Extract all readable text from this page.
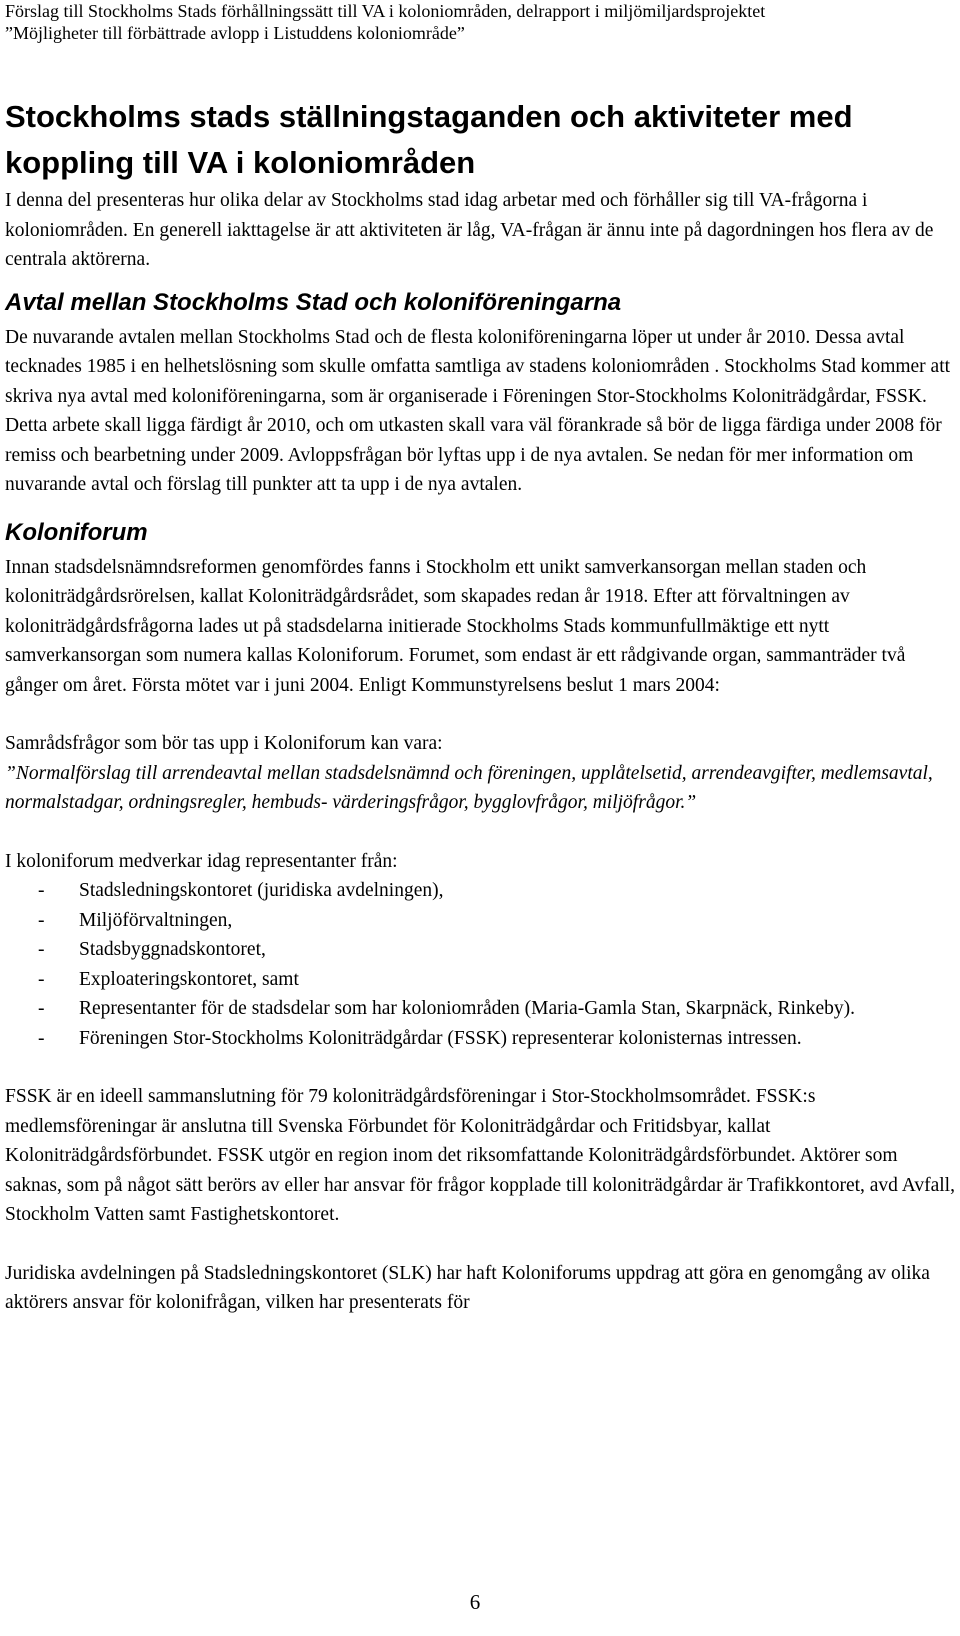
Förslag till Stockholms Stads förhållningssätt till VA i koloniområden, delrapport i miljömiljardsprojektet
”Möjligheter till förbättrade avlopp i Listuddens koloniområde”
Stockholms stads ställningstaganden och aktiviteter med koppling till VA i koloniområden

I denna del presenteras hur olika delar av Stockholms stad idag arbetar med och förhåller sig till VA-frågorna i koloniområden. En generell iakttagelse är att aktiviteten är låg, VA-frågan är ännu inte på dagordningen hos flera av de centrala aktörerna.

Avtal mellan Stockholms Stad och koloniföreningarna

De nuvarande avtalen mellan Stockholms Stad och de flesta koloniföreningarna löper ut under år 2010. Dessa avtal tecknades 1985 i en helhetslösning som skulle omfatta samtliga av stadens koloniområden . Stockholms Stad kommer att skriva nya avtal med koloniföreningarna, som är organiserade i Föreningen Stor-Stockholms Koloniträdgårdar, FSSK. Detta arbete skall ligga färdigt år 2010, och om utkasten skall vara väl förankrade så bör de ligga färdiga under 2008 för remiss och bearbetning under 2009. Avloppsfrågan bör lyftas upp i de nya avtalen. Se nedan för mer information om nuvarande avtal och förslag till punkter att ta upp i de nya avtalen.

Koloniforum

Innan stadsdelsnämndsreformen genomfördes fanns i Stockholm ett unikt samverkansorgan mellan staden och koloniträdgårdsrörelsen, kallat Koloniträdgårdsrådet, som skapades redan år 1918. Efter att förvaltningen av koloniträdgårdsfrågorna lades ut på stadsdelarna initierade Stockholms Stads kommunfullmäktige ett nytt samverkansorgan som numera kallas Koloniforum. Forumet, som endast är ett rådgivande organ, sammanträder två gånger om året. Första mötet var i juni 2004. Enligt Kommunstyrelsens beslut 1 mars 2004:

Samrådsfrågor som bör tas upp i Koloniforum kan vara:

”Normalförslag till arrendeavtal mellan stadsdelsnämnd och föreningen, upplåtelsetid, arrendeavgifter, medlemsavtal, normalstadgar, ordningsregler, hembuds- värderingsfrågor, bygglovfrågor, miljöfrågor.”

I koloniforum medverkar idag representanter från:

- Stadsledningskontoret (juridiska avdelningen),
- Miljöförvaltningen,
- Stadsbyggnadskontoret,
- Exploateringskontoret, samt
- Representanter för de stadsdelar som har koloniområden (Maria-Gamla Stan, Skarpnäck, Rinkeby).
- Föreningen Stor-Stockholms Koloniträdgårdar (FSSK) representerar kolonisternas intressen.

FSSK är en ideell sammanslutning för 79 koloniträdgårdsföreningar i Stor-Stockholmsområdet. FSSK:s medlemsföreningar är anslutna till Svenska Förbundet för Koloniträdgårdar och Fritidsbyar, kallat Koloniträdgårdsförbundet. FSSK utgör en region inom det riksomfattande Koloniträdgårdsförbundet. Aktörer som saknas, som på något sätt berörs av eller har ansvar för frågor kopplade till koloniträdgårdar är Trafikkontoret, avd Avfall, Stockholm Vatten samt Fastighetskontoret.

Juridiska avdelningen på Stadsledningskontoret (SLK) har haft Koloniforums uppdrag att göra en genomgång av olika aktörers ansvar för kolonifrågan, vilken har presenterats för

6
